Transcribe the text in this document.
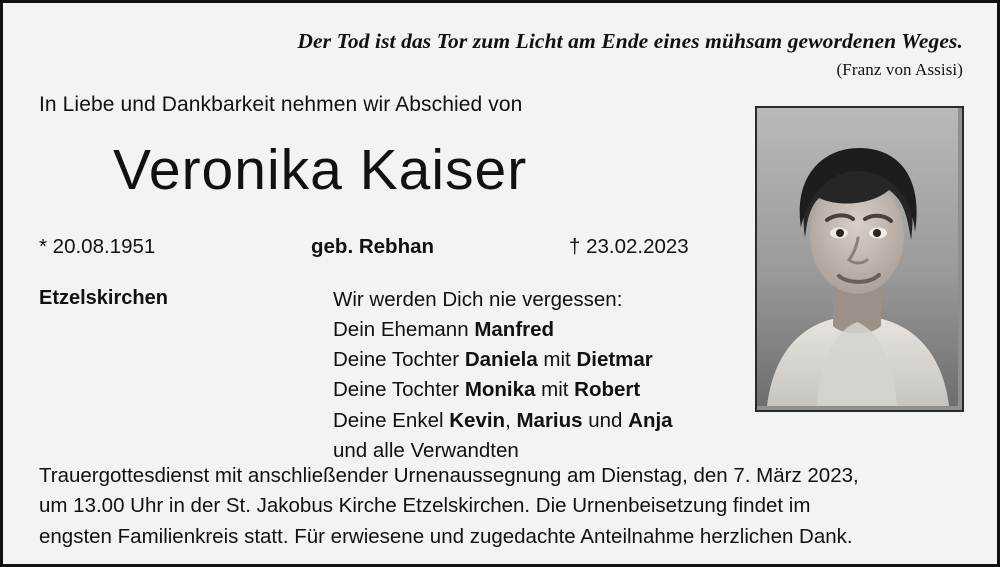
Der Tod ist das Tor zum Licht am Ende eines mühsam gewordenen Weges.
(Franz von Assisi)
In Liebe und Dankbarkeit nehmen wir Abschied von
Veronika Kaiser
* 20.08.1951	geb. Rebhan	† 23.02.2023
Etzelskirchen	Wir werden Dich nie vergessen:
Dein Ehemann Manfred
Deine Tochter Daniela mit Dietmar
Deine Tochter Monika mit Robert
Deine Enkel Kevin, Marius und Anja
und alle Verwandten
Trauergottesdienst mit anschließender Urnenaussegnung am Dienstag, den 7. März 2023,
um 13.00 Uhr in der St. Jakobus Kirche Etzelskirchen. Die Urnenbeisetzung findet im
engsten Familienkreis statt. Für erwiesene und zugedachte Anteilnahme herzlichen Dank.
